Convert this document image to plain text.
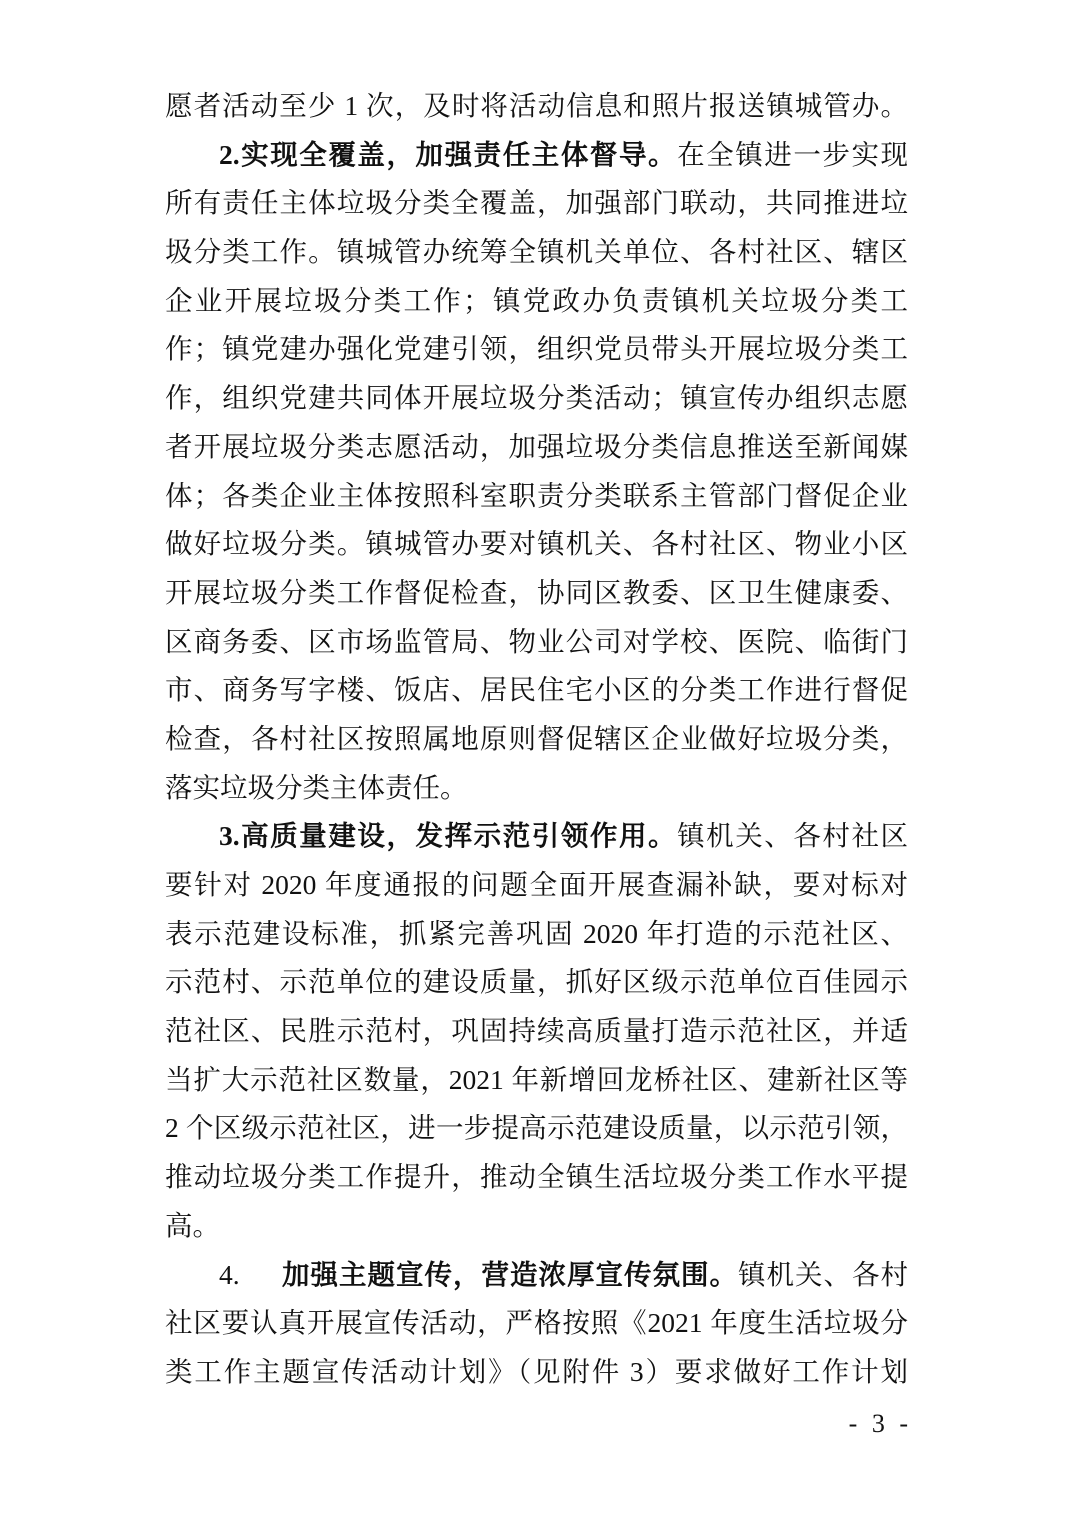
愿者活动至少 1 次，及时将活动信息和照片报送镇城管办。
2.实现全覆盖，加强责任主体督导。在全镇进一步实现
所有责任主体垃圾分类全覆盖，加强部门联动，共同推进垃
圾分类工作。镇城管办统筹全镇机关单位、各村社区、辖区
企业开展垃圾分类工作；镇党政办负责镇机关垃圾分类工
作；镇党建办强化党建引领，组织党员带头开展垃圾分类工
作，组织党建共同体开展垃圾分类活动；镇宣传办组织志愿
者开展垃圾分类志愿活动，加强垃圾分类信息推送至新闻媒
体；各类企业主体按照科室职责分类联系主管部门督促企业
做好垃圾分类。镇城管办要对镇机关、各村社区、物业小区
开展垃圾分类工作督促检查，协同区教委、区卫生健康委、
区商务委、区市场监管局、物业公司对学校、医院、临街门
市、商务写字楼、饭店、居民住宅小区的分类工作进行督促
检查，各村社区按照属地原则督促辖区企业做好垃圾分类，
落实垃圾分类主体责任。
3.高质量建设，发挥示范引领作用。镇机关、各村社区
要针对 2020 年度通报的问题全面开展查漏补缺，要对标对
表示范建设标准，抓紧完善巩固 2020 年打造的示范社区、
示范村、示范单位的建设质量，抓好区级示范单位百佳园示
范社区、民胜示范村，巩固持续高质量打造示范社区，并适
当扩大示范社区数量，2021 年新增回龙桥社区、建新社区等
2 个区级示范社区，进一步提高示范建设质量，以示范引领，
推动垃圾分类工作提升，推动全镇生活垃圾分类工作水平提
高。
4. 加强主题宣传，营造浓厚宣传氛围。镇机关、各村
社区要认真开展宣传活动，严格按照《2021 年度生活垃圾分
类工作主题宣传活动计划》（见附件 3）要求做好工作计划
- 3 -
